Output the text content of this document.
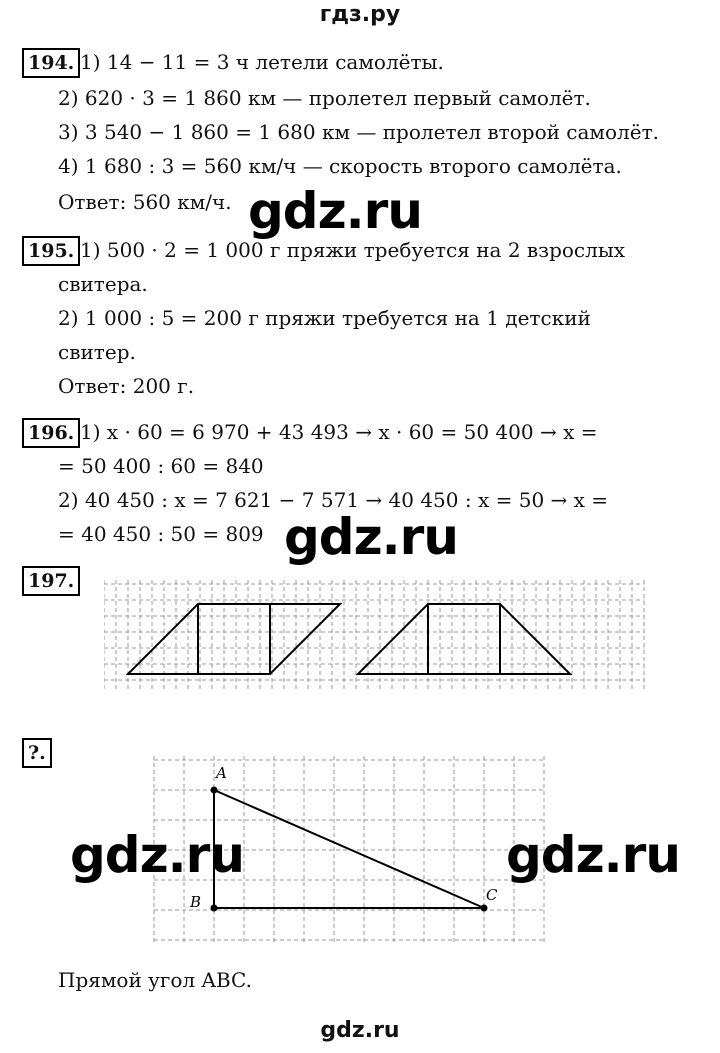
гдз.ру
194. 1) 14 − 11 = 3 ч летели самолёты.
2) 620 · 3 = 1 860 км — пролетел первый самолёт.
3) 3 540 − 1 860 = 1 680 км — пролетел второй самолёт.
4) 1 680 : 3 = 560 км/ч — скорость второго самолёта.
Ответ: 560 км/ч. gdz.ru
195. 1) 500 · 2 = 1 000 г пряжи требуется на 2 взрослых
свитера.
2) 1 000 : 5 = 200 г пряжи требуется на 1 детский
свитер.
Ответ: 200 г.
196. 1) x · 60 = 6 970 + 43 493 → x · 60 = 50 400 → x =
= 50 400 : 60 = 840
2) 40 450 : x = 7 621 − 7 571 → 40 450 : x = 50 → x =
= 40 450 : 50 = 809 gdz.ru
197.
?.
A
B	C
gdz.ru	gdz.ru
Прямой угол ABC.
gdz.ru
